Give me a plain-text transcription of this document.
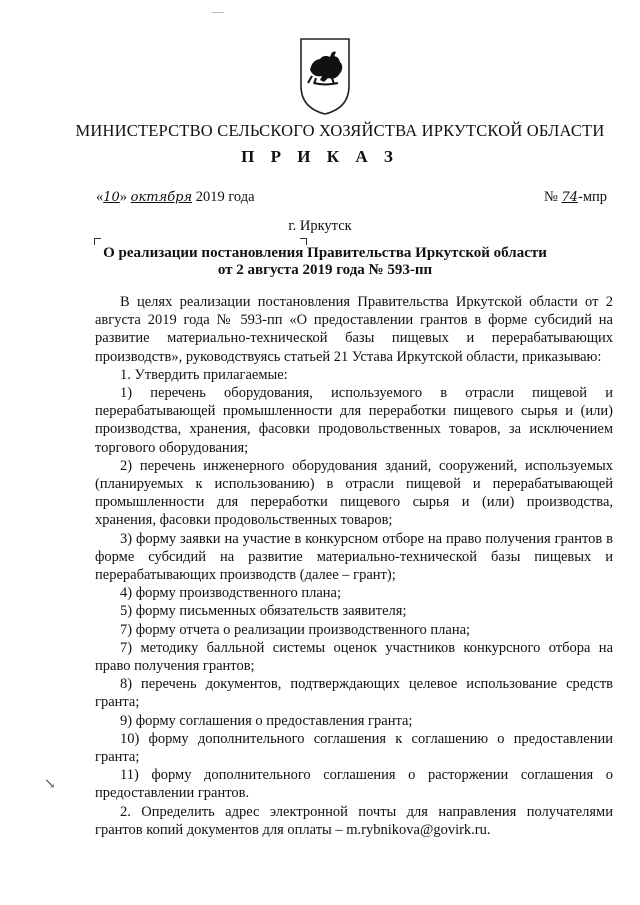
МИНИСТЕРСТВО СЕЛЬСКОГО ХОЗЯЙСТВА ИРКУТСКОЙ ОБЛАСТИ
П Р И К А З
«10» октября 2019 года	№ 74-мпр
г. Иркутск
О реализации постановления Правительства Иркутской области
от 2 августа 2019 года № 593-пп

В целях реализации постановления Правительства Иркутской области от 2 августа 2019 года № 593-пп «О предоставлении грантов в форме субсидий на развитие материально-технической базы пищевых и перерабатывающих производств», руководствуясь статьей 21 Устава Иркутской области, приказываю:

1. Утвердить прилагаемые:

1) перечень оборудования, используемого в отрасли пищевой и перерабатывающей промышленности для переработки пищевого сырья и (или) производства, хранения, фасовки продовольственных товаров, за исключением торгового оборудования;

2) перечень инженерного оборудования зданий, сооружений, используемых (планируемых к использованию) в отрасли пищевой и перерабатывающей промышленности для переработки пищевого сырья и (или) производства, хранения, фасовки продовольственных товаров;

3) форму заявки на участие в конкурсном отборе на право получения грантов в форме субсидий на развитие материально-технической базы пищевых и перерабатывающих производств (далее – грант);

4) форму производственного плана;

5) форму письменных обязательств заявителя;

7) форму отчета о реализации производственного плана;

7) методику балльной системы оценок участников конкурсного отбора на право получения грантов;

8) перечень документов, подтверждающих целевое использование средств гранта;

9) форму соглашения о предоставления гранта;

10) форму дополнительного соглашения к соглашению о предоставлении гранта;

11) форму дополнительного соглашения о расторжении соглашения о предоставлении грантов.

2. Определить адрес электронной почты для направления получателями грантов копий документов для оплаты – m.rybnikova@govirk.ru.

↘
